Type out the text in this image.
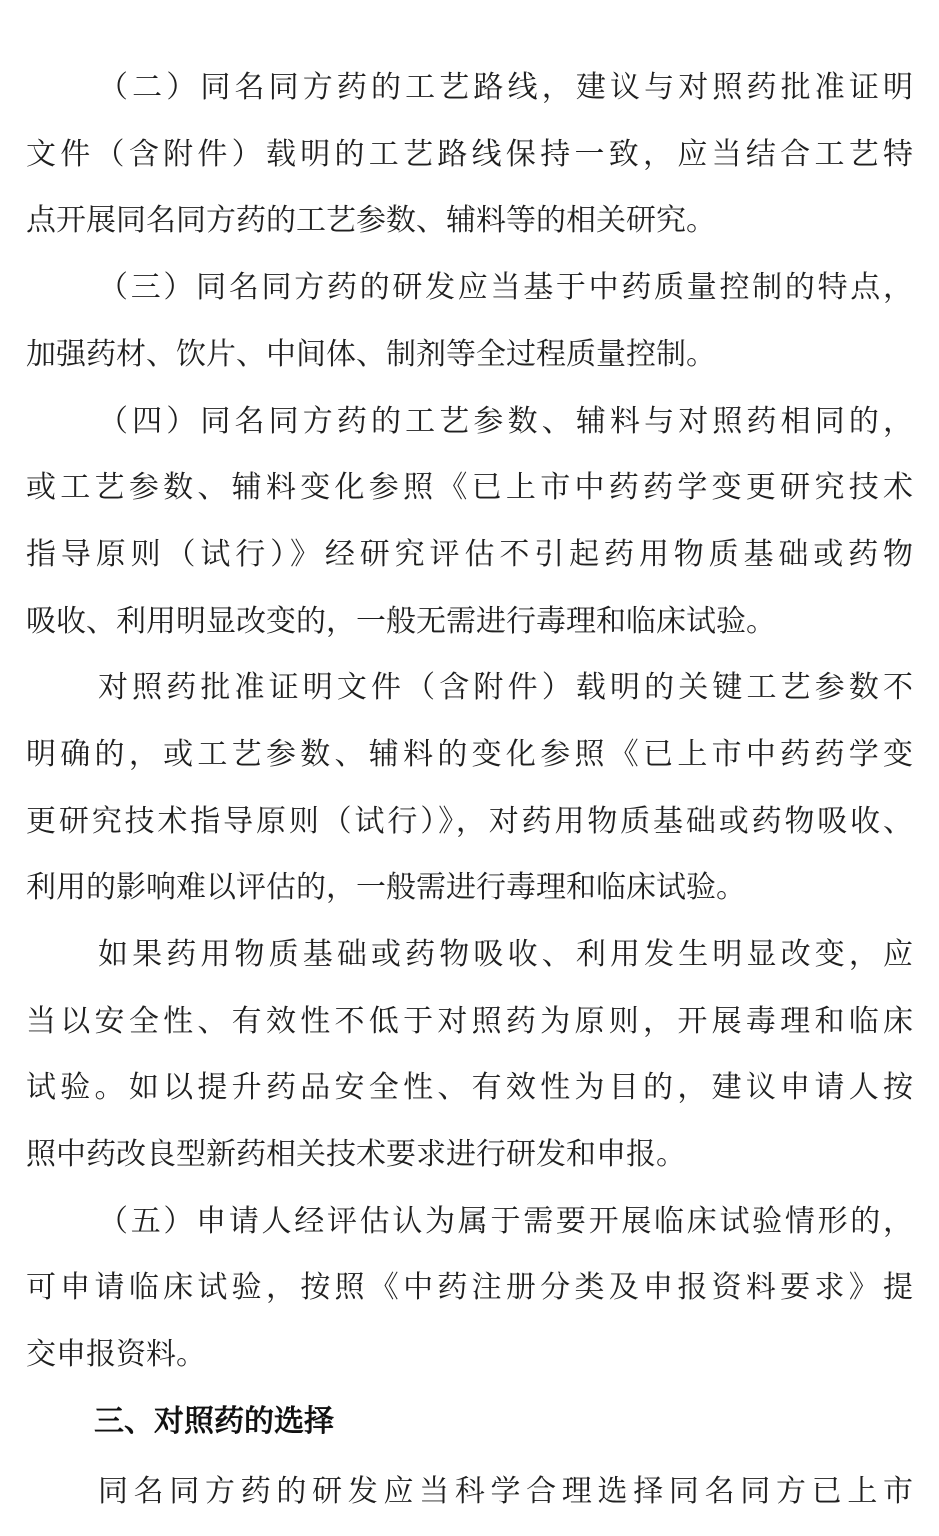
（二）同名同方药的工艺路线，建议与对照药批准证明
文件（含附件）载明的工艺路线保持一致，应当结合工艺特
点开展同名同方药的工艺参数、辅料等的相关研究。
（三）同名同方药的研发应当基于中药质量控制的特点，
加强药材、饮片、中间体、制剂等全过程质量控制。
（四）同名同方药的工艺参数、辅料与对照药相同的，
或工艺参数、辅料变化参照《已上市中药药学变更研究技术
指导原则（试行）》经研究评估不引起药用物质基础或药物
吸收、利用明显改变的，一般无需进行毒理和临床试验。
对照药批准证明文件（含附件）载明的关键工艺参数不
明确的，或工艺参数、辅料的变化参照《已上市中药药学变
更研究技术指导原则（试行）》，对药用物质基础或药物吸收、
利用的影响难以评估的，一般需进行毒理和临床试验。
如果药用物质基础或药物吸收、利用发生明显改变，应
当以安全性、有效性不低于对照药为原则，开展毒理和临床
试验。如以提升药品安全性、有效性为目的，建议申请人按
照中药改良型新药相关技术要求进行研发和申报。
（五）申请人经评估认为属于需要开展临床试验情形的，
可申请临床试验，按照《中药注册分类及申报资料要求》提
交申报资料。
三、对照药的选择
同名同方药的研发应当科学合理选择同名同方已上市
